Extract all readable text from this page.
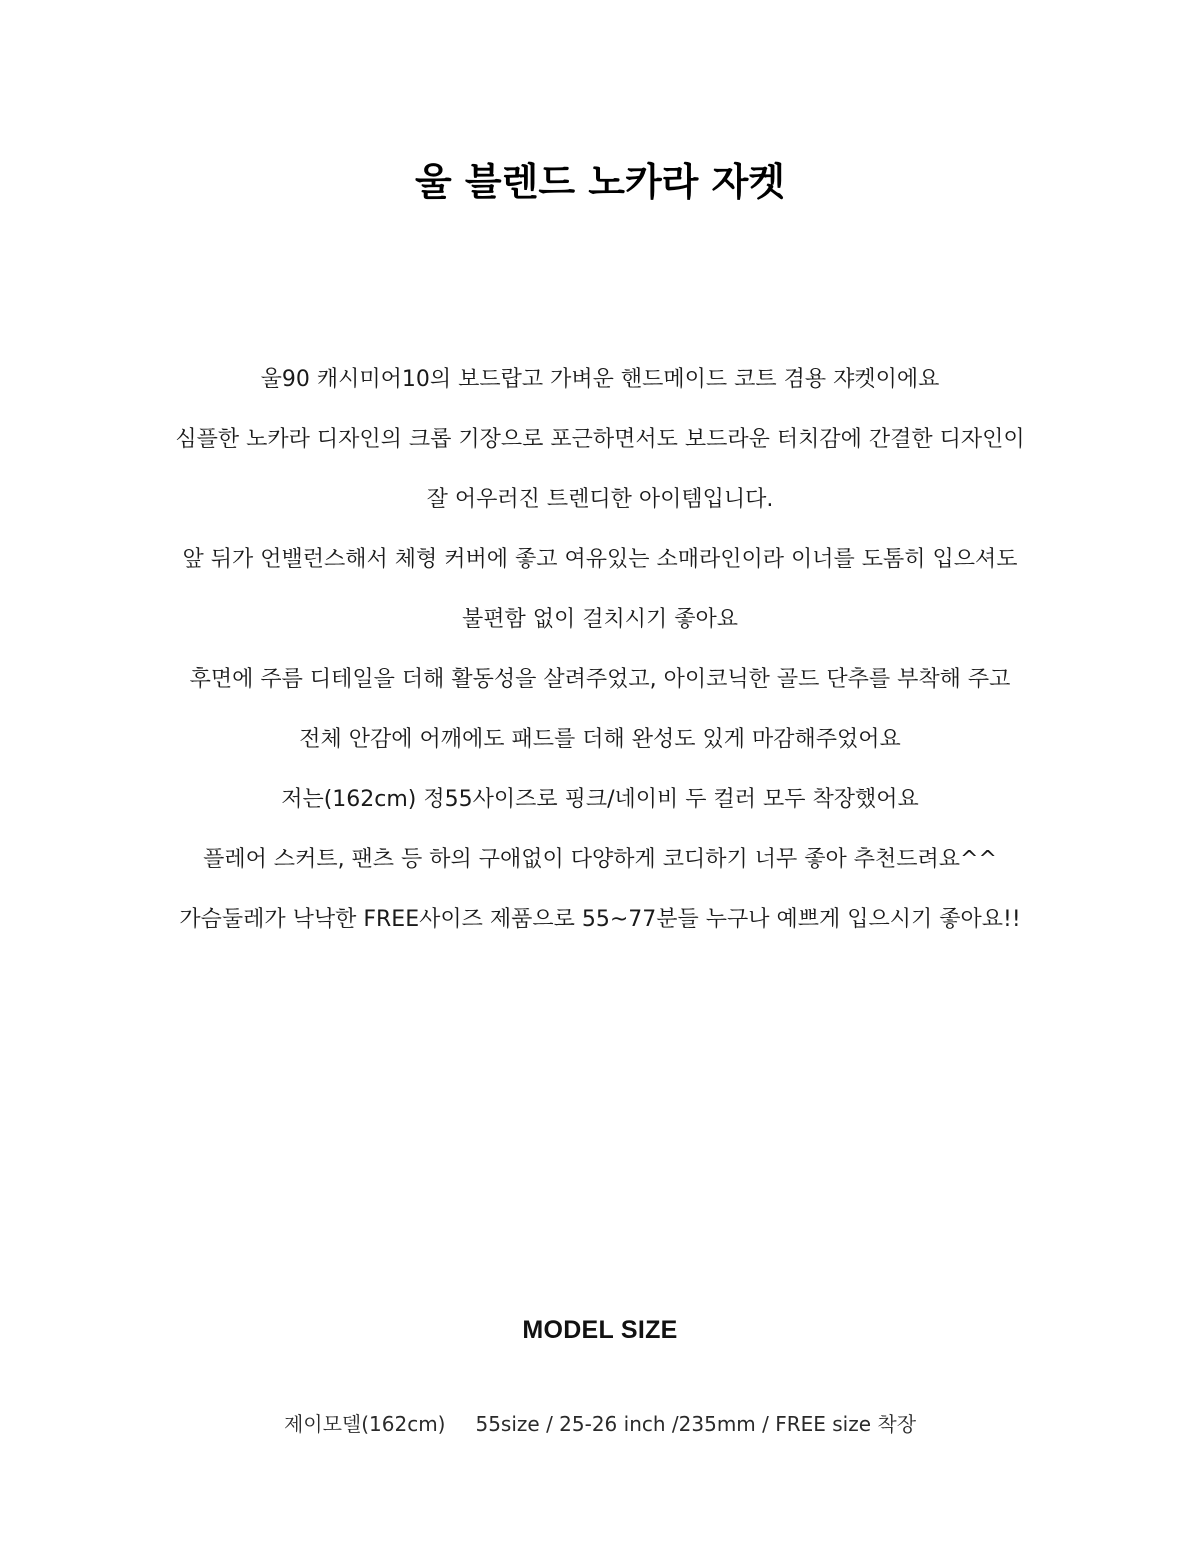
울 블렌드 노카라 자켓
울90 캐시미어10의 보드랍고 가벼운 핸드메이드 코트 겸용 쟈켓이에요
심플한 노카라 디자인의 크롭 기장으로 포근하면서도 보드라운 터치감에 간결한 디자인이
잘 어우러진 트렌디한 아이템입니다.
앞 뒤가 언밸런스해서 체형 커버에 좋고 여유있는 소매라인이라 이너를 도톰히 입으셔도
불편함 없이 걸치시기 좋아요
후면에 주름 디테일을 더해 활동성을 살려주었고, 아이코닉한 골드 단추를 부착해 주고
전체 안감에 어깨에도 패드를 더해 완성도 있게 마감해주었어요
저는(162cm) 정55사이즈로 핑크/네이비 두 컬러 모두 착장했어요
플레어 스커트, 팬츠 등 하의 구애없이 다양하게 코디하기 너무 좋아 추천드려요^^
가슴둘레가 낙낙한 FREE사이즈 제품으로 55~77분들 누구나 예쁘게 입으시기 좋아요!!
MODEL SIZE
제이모델(162cm) 55size / 25-26 inch /235mm / FREE size 착장
